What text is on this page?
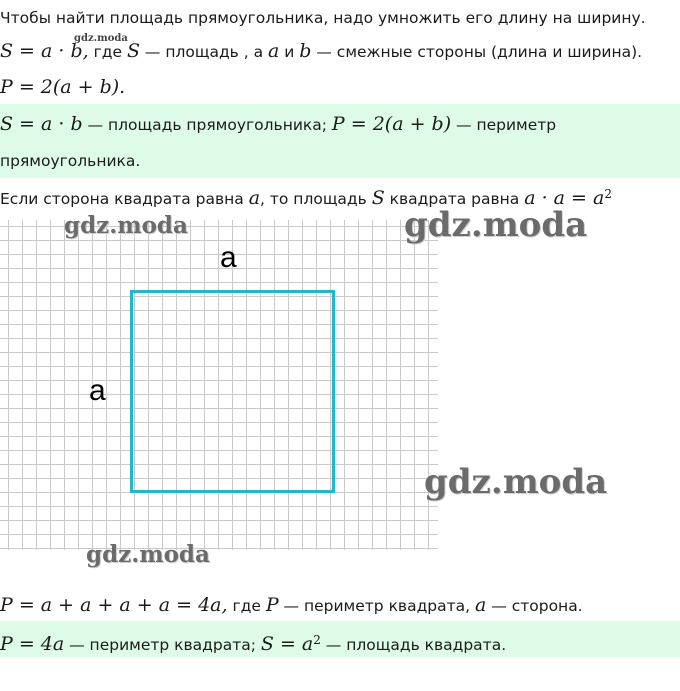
Чтобы найти площадь прямоугольника, надо умножить его длину на ширину.
gdz.moda
S = a · b, где S — площадь , а a и b — смежные стороны (длина и ширина).
P = 2(a + b).
S = a · b — площадь прямоугольника; P = 2(a + b) — периметр
прямоугольника.
Если сторона квадрата равна a, то площадь S квадрата равна $a \cdot a = a^2$
a
a
gdz.moda	gdz.moda
gdz.moda
gdz.moda
P = a + a + a + a = 4a, где P — периметр квадрата, a — сторона.
P = 4a — периметр квадрата; $S = a^2$ — площадь квадрата.
